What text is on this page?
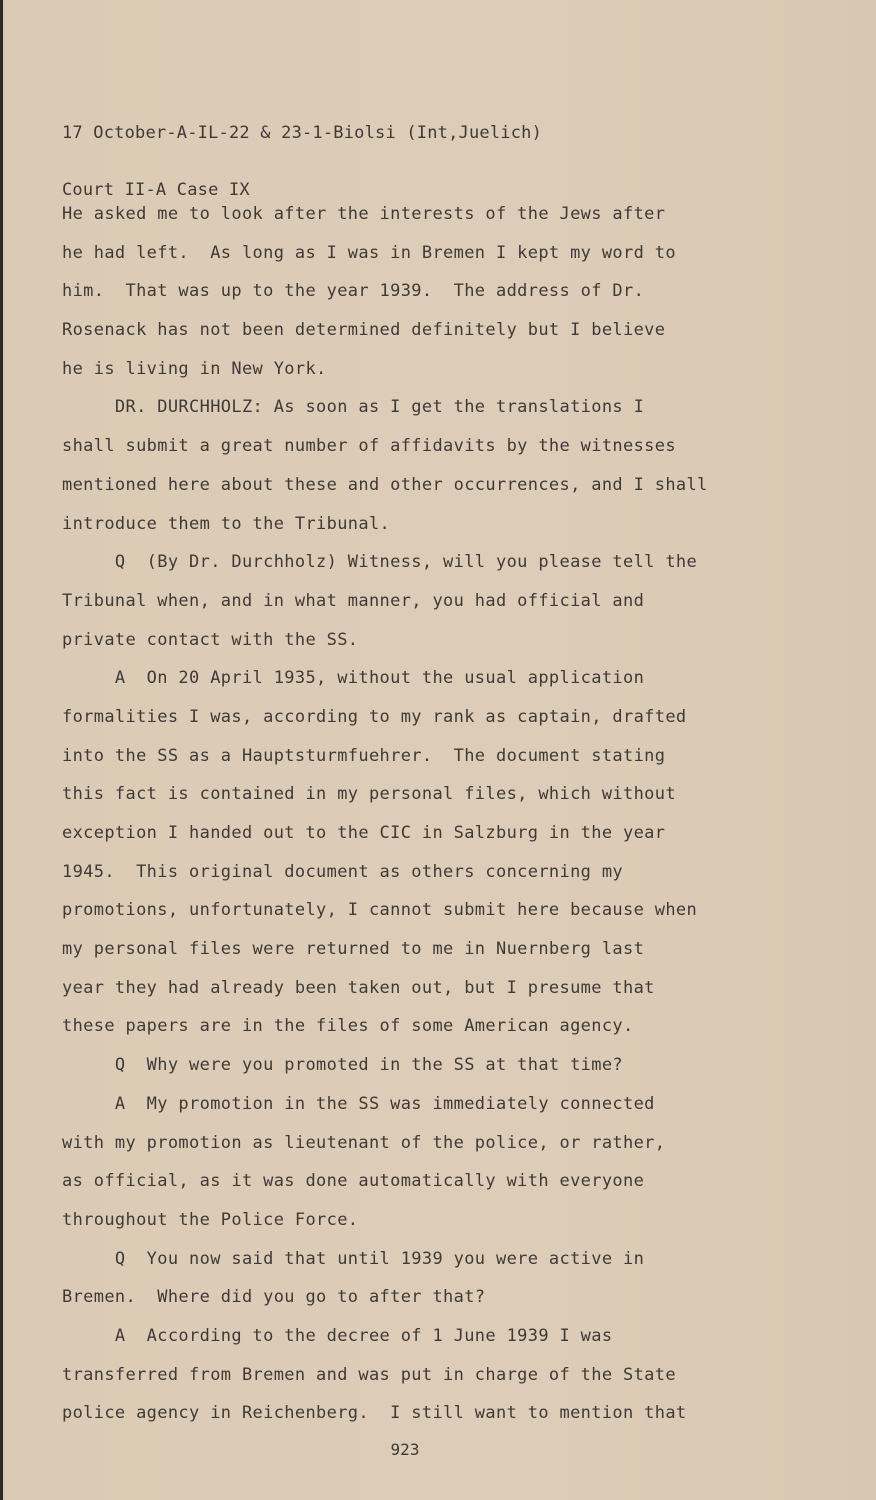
17 October-A-IL-22 & 23-1-Biolsi (Int,Juelich)

Court II-A Case IX

He asked me to look after the interests of the Jews after
he had left.  As long as I was in Bremen I kept my word to
him.  That was up to the year 1939.  The address of Dr.
Rosenack has not been determined definitely but I believe
he is living in New York.
DR. DURCHHOLZ: As soon as I get the translations I
shall submit a great number of affidavits by the witnesses
mentioned here about these and other occurrences, and I shall
introduce them to the Tribunal.
Q  (By Dr. Durchholz) Witness, will you please tell the
Tribunal when, and in what manner, you had official and
private contact with the SS.
A  On 20 April 1935, without the usual application
formalities I was, according to my rank as captain, drafted
into the SS as a Hauptsturmfuehrer.  The document stating
this fact is contained in my personal files, which without
exception I handed out to the CIC in Salzburg in the year
1945.  This original document as others concerning my
promotions, unfortunately, I cannot submit here because when
my personal files were returned to me in Nuernberg last
year they had already been taken out, but I presume that
these papers are in the files of some American agency.
Q  Why were you promoted in the SS at that time?
A  My promotion in the SS was immediately connected
with my promotion as lieutenant of the police, or rather,
as official, as it was done automatically with everyone
throughout the Police Force.
Q  You now said that until 1939 you were active in
Bremen.  Where did you go to after that?
A  According to the decree of 1 June 1939 I was
transferred from Bremen and was put in charge of the State
police agency in Reichenberg.  I still want to mention that
923
